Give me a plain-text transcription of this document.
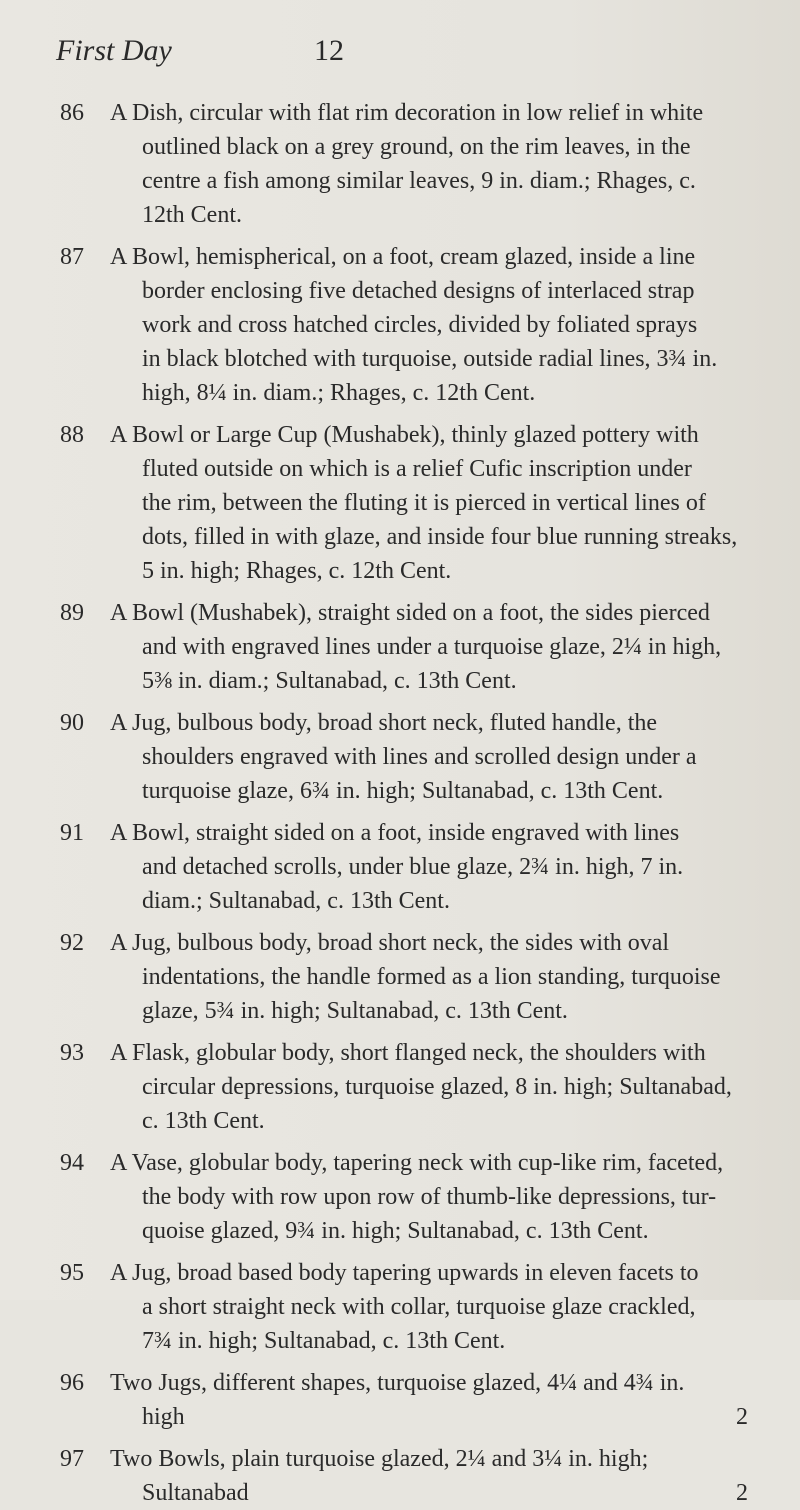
First Day	12
86	A Dish, circular with flat rim decoration in low relief in white
outlined black on a grey ground, on the rim leaves, in the
centre a fish among similar leaves, 9 in. diam.; Rhages, c.
12th Cent.
87	A Bowl, hemispherical, on a foot, cream glazed, inside a line
border enclosing five detached designs of interlaced strap
work and cross hatched circles, divided by foliated sprays
in black blotched with turquoise, outside radial lines, 3¾ in.
high, 8¼ in. diam.; Rhages, c. 12th Cent.
88	A Bowl or Large Cup (Mushabek), thinly glazed pottery with
fluted outside on which is a relief Cufic inscription under
the rim, between the fluting it is pierced in vertical lines of
dots, filled in with glaze, and inside four blue running streaks,
5 in. high; Rhages, c. 12th Cent.
89	A Bowl (Mushabek), straight sided on a foot, the sides pierced
and with engraved lines under a turquoise glaze, 2¼ in high,
5⅜ in. diam.; Sultanabad, c. 13th Cent.
90	A Jug, bulbous body, broad short neck, fluted handle, the
shoulders engraved with lines and scrolled design under a
turquoise glaze, 6¾ in. high; Sultanabad, c. 13th Cent.
91	A Bowl, straight sided on a foot, inside engraved with lines
and detached scrolls, under blue glaze, 2¾ in. high, 7 in.
diam.; Sultanabad, c. 13th Cent.
92	A Jug, bulbous body, broad short neck, the sides with oval
indentations, the handle formed as a lion standing, turquoise
glaze, 5¾ in. high; Sultanabad, c. 13th Cent.
93	A Flask, globular body, short flanged neck, the shoulders with
circular depressions, turquoise glazed, 8 in. high; Sultanabad,
c. 13th Cent.
94	A Vase, globular body, tapering neck with cup-like rim, faceted,
the body with row upon row of thumb-like depressions, tur-
quoise glazed, 9¾ in. high; Sultanabad, c. 13th Cent.
95	A Jug, broad based body tapering upwards in eleven facets to
a short straight neck with collar, turquoise glaze crackled,
7¾ in. high; Sultanabad, c. 13th Cent.
96	Two Jugs, different shapes, turquoise glazed, 4¼ and 4¾ in.
high	2
97	Two Bowls, plain turquoise glazed, 2¼ and 3¼ in. high;
Sultanabad	2
